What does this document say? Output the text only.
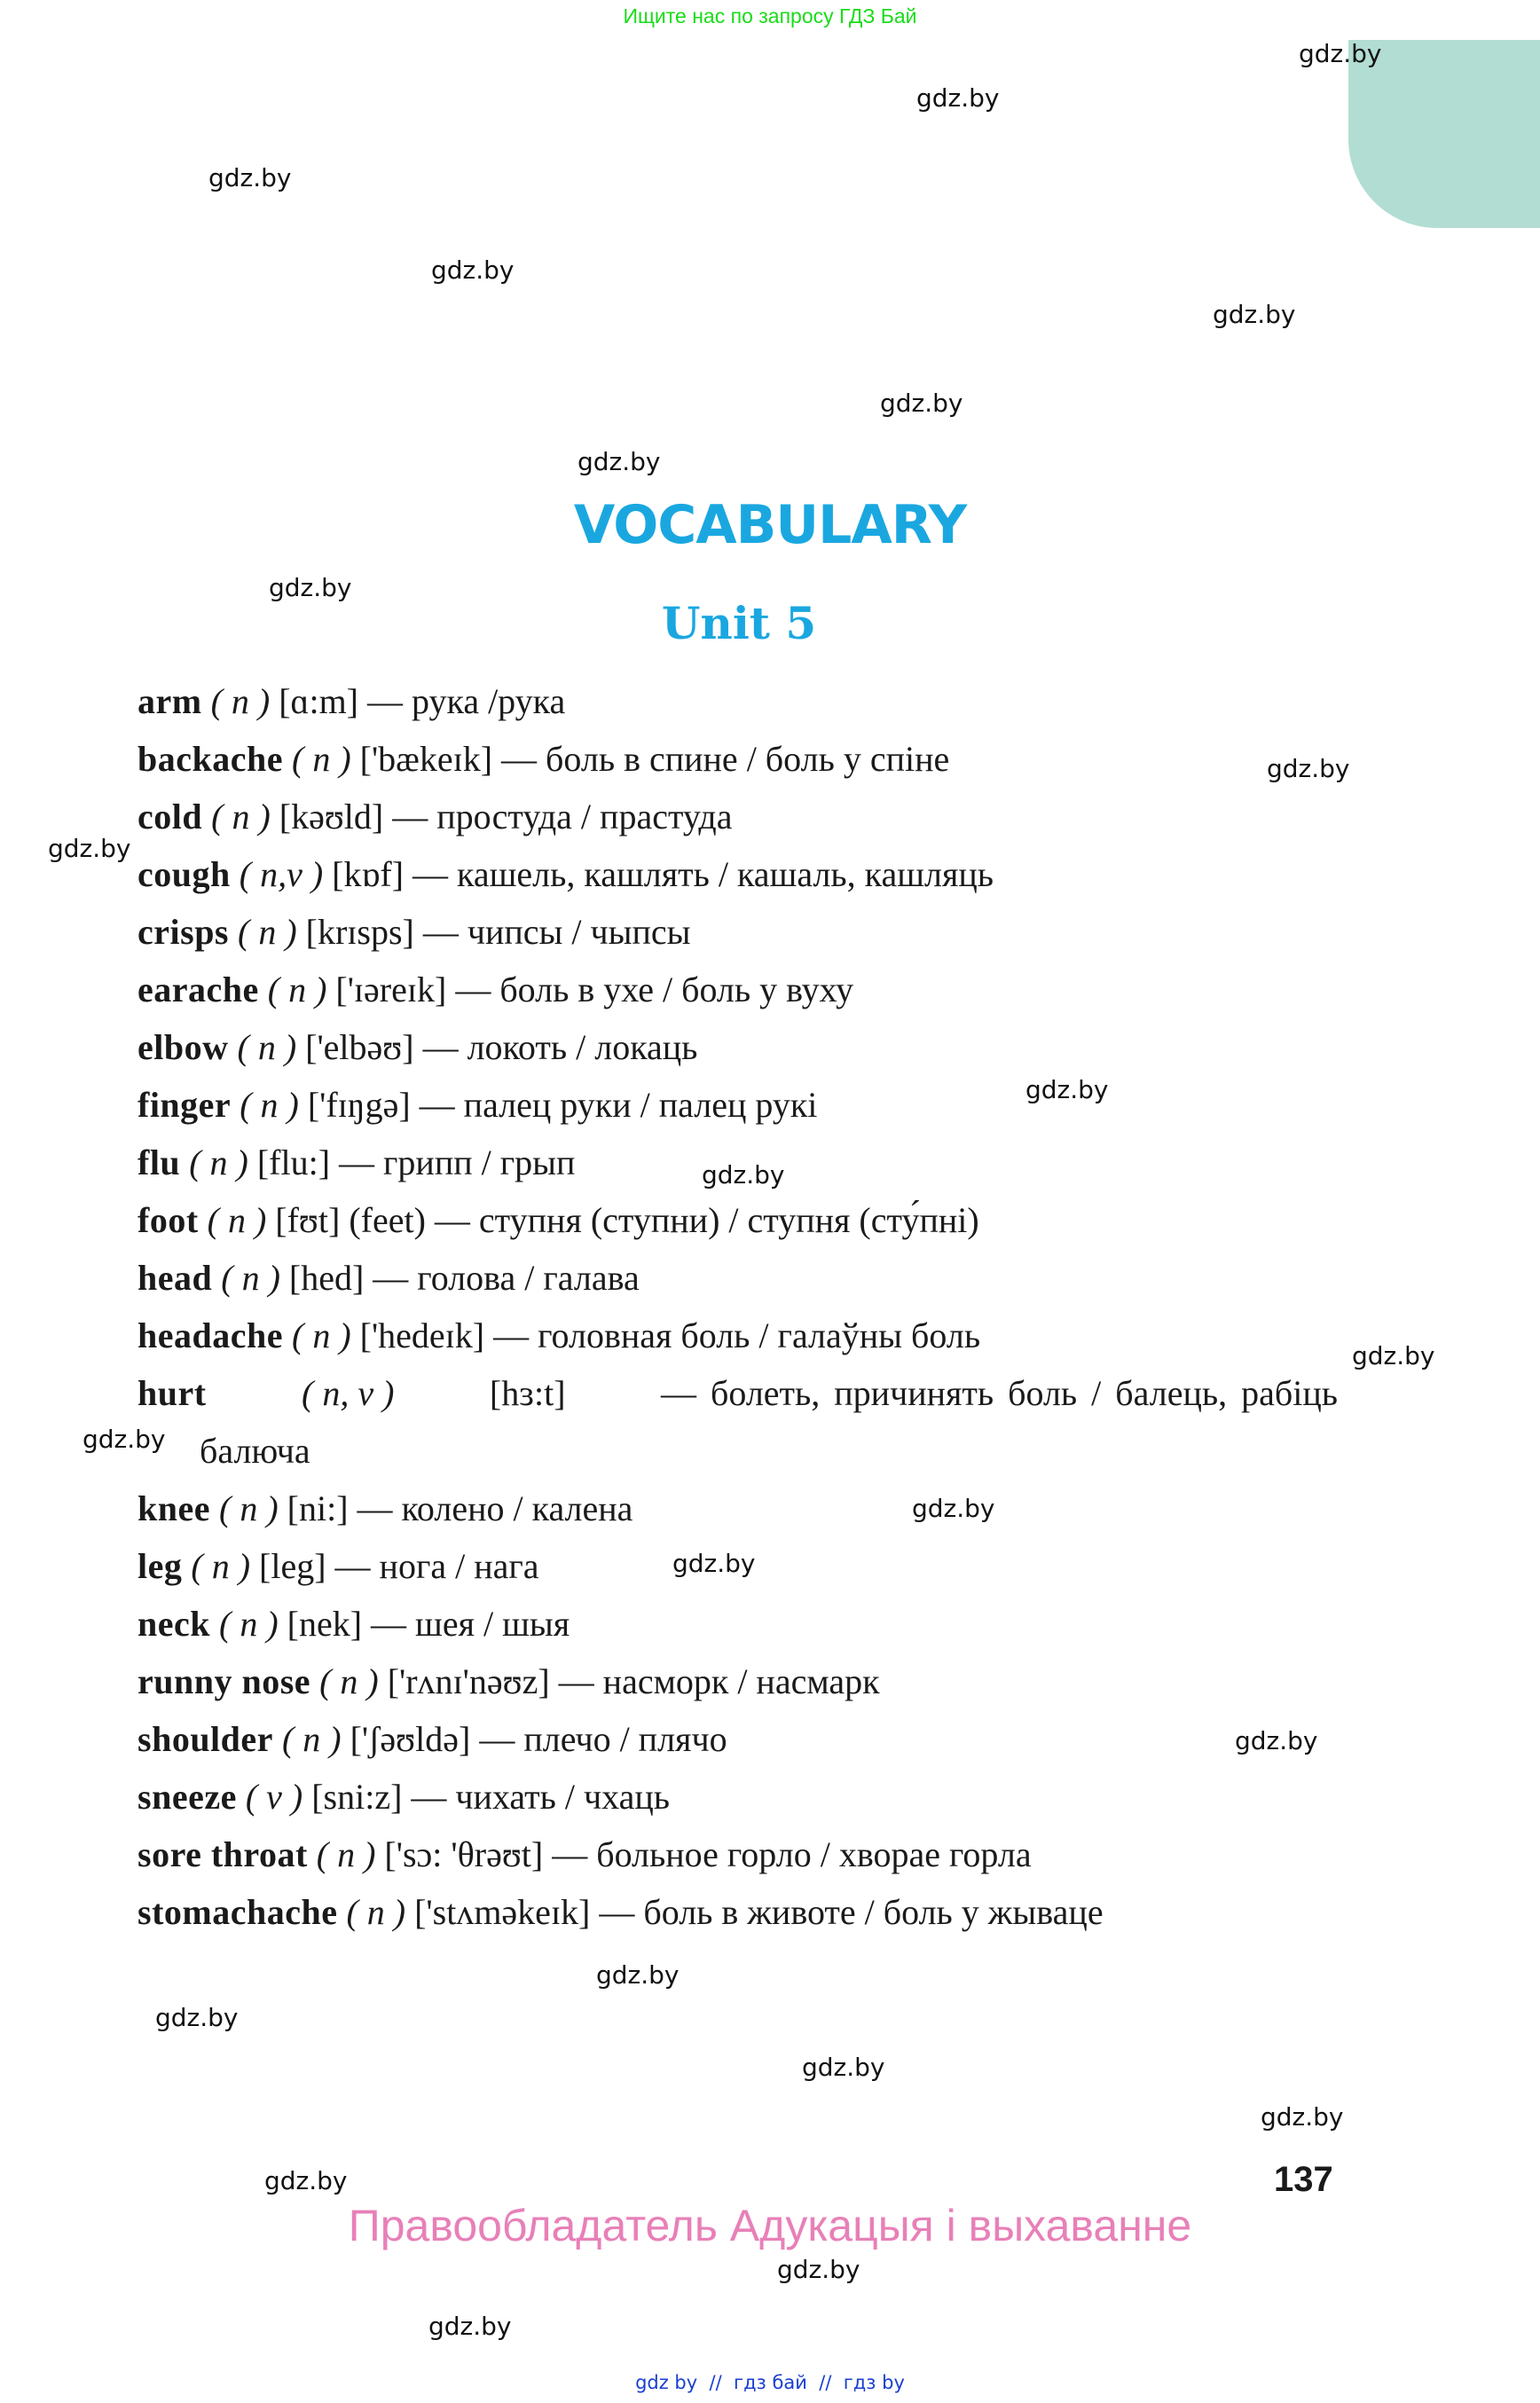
Ищите нас по запросу ГДЗ Бай
VOCABULARY
Unit 5
arm ( n ) [ɑ:m] — рука /рука
backache ( n ) ['bækeɪk] — боль в спине / боль у спіне
cold ( n ) [kəʊld] — простуда / прастуда
cough ( n,v ) [kɒf] — кашель, кашлять / кашаль, кашляць
crisps ( n ) [krɪsps] — чипсы / чыпсы
earache ( n ) ['ɪəreɪk] — боль в ухе / боль у вуху
elbow ( n ) ['elbəʊ] — локоть / локаць
finger ( n ) ['fɪŋgə] — палец руки / палец рукі
flu ( n ) [flu:] — грипп / грып
foot ( n ) [fʊt] (feet) — ступня (ступни) / ступня (сту́пні)
head ( n ) [hed] — голова / галава
headache ( n ) ['hedeɪk] — головная боль / галаўны боль
hurt	( n, v )	[hɜ:t]	— болеть, причинять боль / балець, рабіць
балюча
knee ( n ) [ni:] — колено / калена
leg ( n ) [leg] — нога / нага
neck ( n ) [nek] — шея / шыя
runny nose ( n ) ['rʌnɪ'nəʊz] — насморк / насмарк
shoulder ( n ) ['ʃəʊldə] — плечо / плячо
sneeze ( v ) [sni:z] — чихать / чхаць
sore throat ( n ) ['sɔ: 'θrəʊt] — больное горло / хворае горла
stomachache ( n ) ['stʌməkeɪk] — боль в животе / боль у жываце
137
Правообладатель Адукацыя і выхаванне
gdz by  //  гдз бай  //  гдз by
gdz.by
gdz.by
gdz.by
gdz.by
gdz.by
gdz.by
gdz.by
gdz.by
gdz.by
gdz.by
gdz.by
gdz.by
gdz.by
gdz.by
gdz.by
gdz.by
gdz.by
gdz.by
gdz.by
gdz.by
gdz.by
gdz.by
gdz.by
gdz.by
